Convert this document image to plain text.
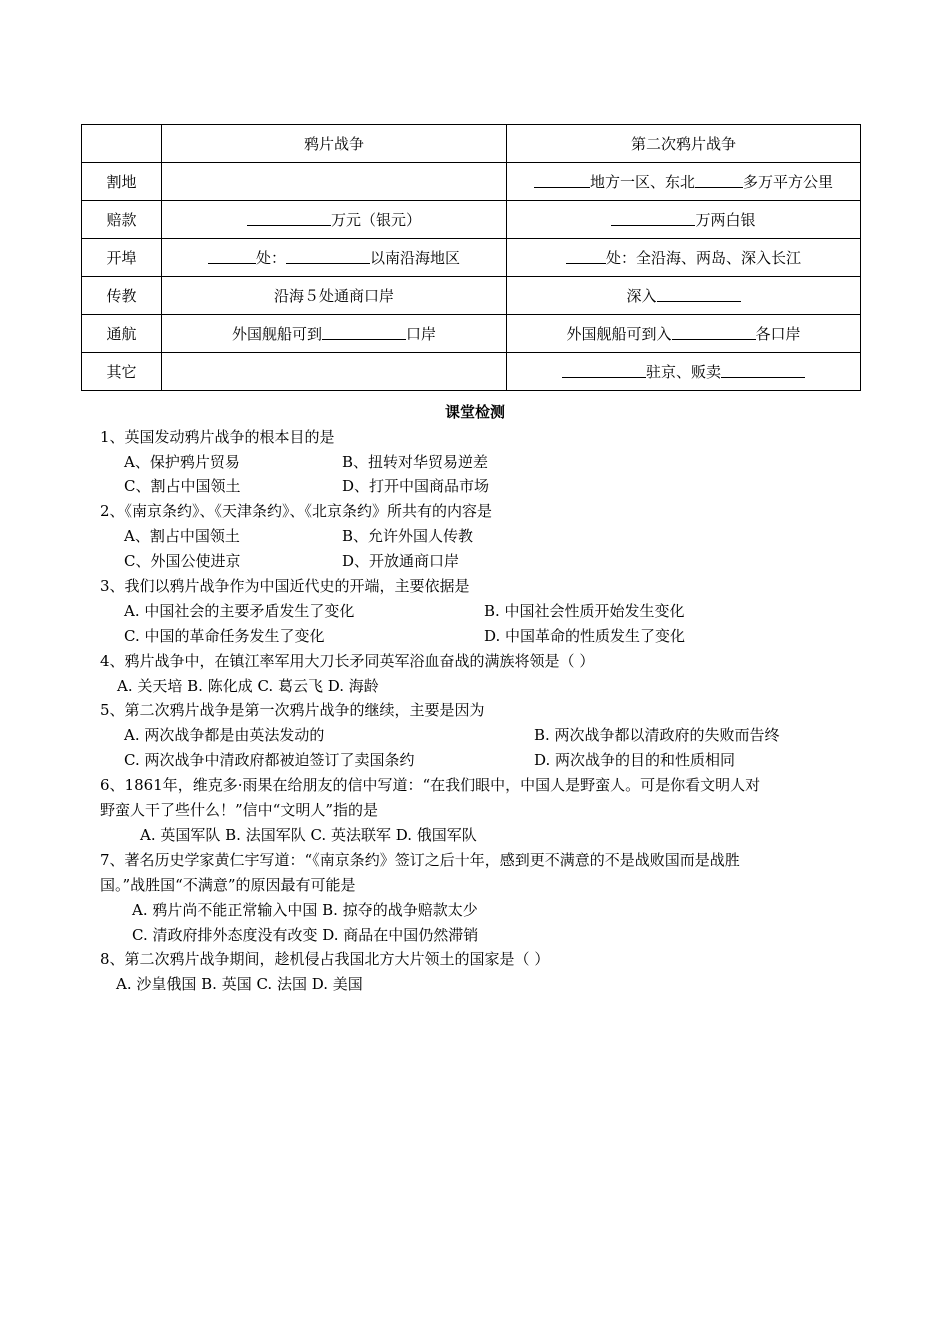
	鸦片战争	第二次鸦片战争
割地		地方一区、东北 多万平方公里
赔款	万元（银元）	万两白银
开埠	处： 以南沿海地区	处：全沿海、两岛、深入长江
传教	沿海５处通商口岸	深入
通航	外国舰船可到 口岸	外国舰船可到入 各口岸
其它		驻京、贩卖
课堂检测
1、英国发动鸦片战争的根本目的是
A、保护鸦片贸易	B、扭转对华贸易逆差
C、割占中国领土	D、打开中国商品市场
2、《南京条约》、《天津条约》、《北京条约》所共有的内容是
A、割占中国领土	B、允许外国人传教
C、外国公使进京	D、开放通商口岸
3、我们以鸦片战争作为中国近代史的开端，主要依据是
A. 中国社会的主要矛盾发生了变化	B. 中国社会性质开始发生变化
C. 中国的革命任务发生了变化	D. 中国革命的性质发生了变化
4、鸦片战争中，在镇江率军用大刀长矛同英军浴血奋战的满族将领是（ ）
A. 关天培 B. 陈化成 C. 葛云飞 D. 海龄
5、第二次鸦片战争是第一次鸦片战争的继续，主要是因为
A. 两次战争都是由英法发动的	B. 两次战争都以清政府的失败而告终
C. 两次战争中清政府都被迫签订了卖国条约	D. 两次战争的目的和性质相同
6、1861年，维克多·雨果在给朋友的信中写道：“在我们眼中，中国人是野蛮人。可是你看文明人对
野蛮人干了些什么！”信中“文明人”指的是
A. 英国军队 B. 法国军队 C. 英法联军 D. 俄国军队
7、著名历史学家黄仁宇写道：“《南京条约》签订之后十年，感到更不满意的不是战败国而是战胜
国。”战胜国“不满意”的原因最有可能是
A. 鸦片尚不能正常输入中国 B. 掠夺的战争赔款太少
C. 清政府排外态度没有改变 D. 商品在中国仍然滞销
8、第二次鸦片战争期间，趁机侵占我国北方大片领土的国家是（ ）
A. 沙皇俄国 B. 英国 C. 法国 D. 美国
